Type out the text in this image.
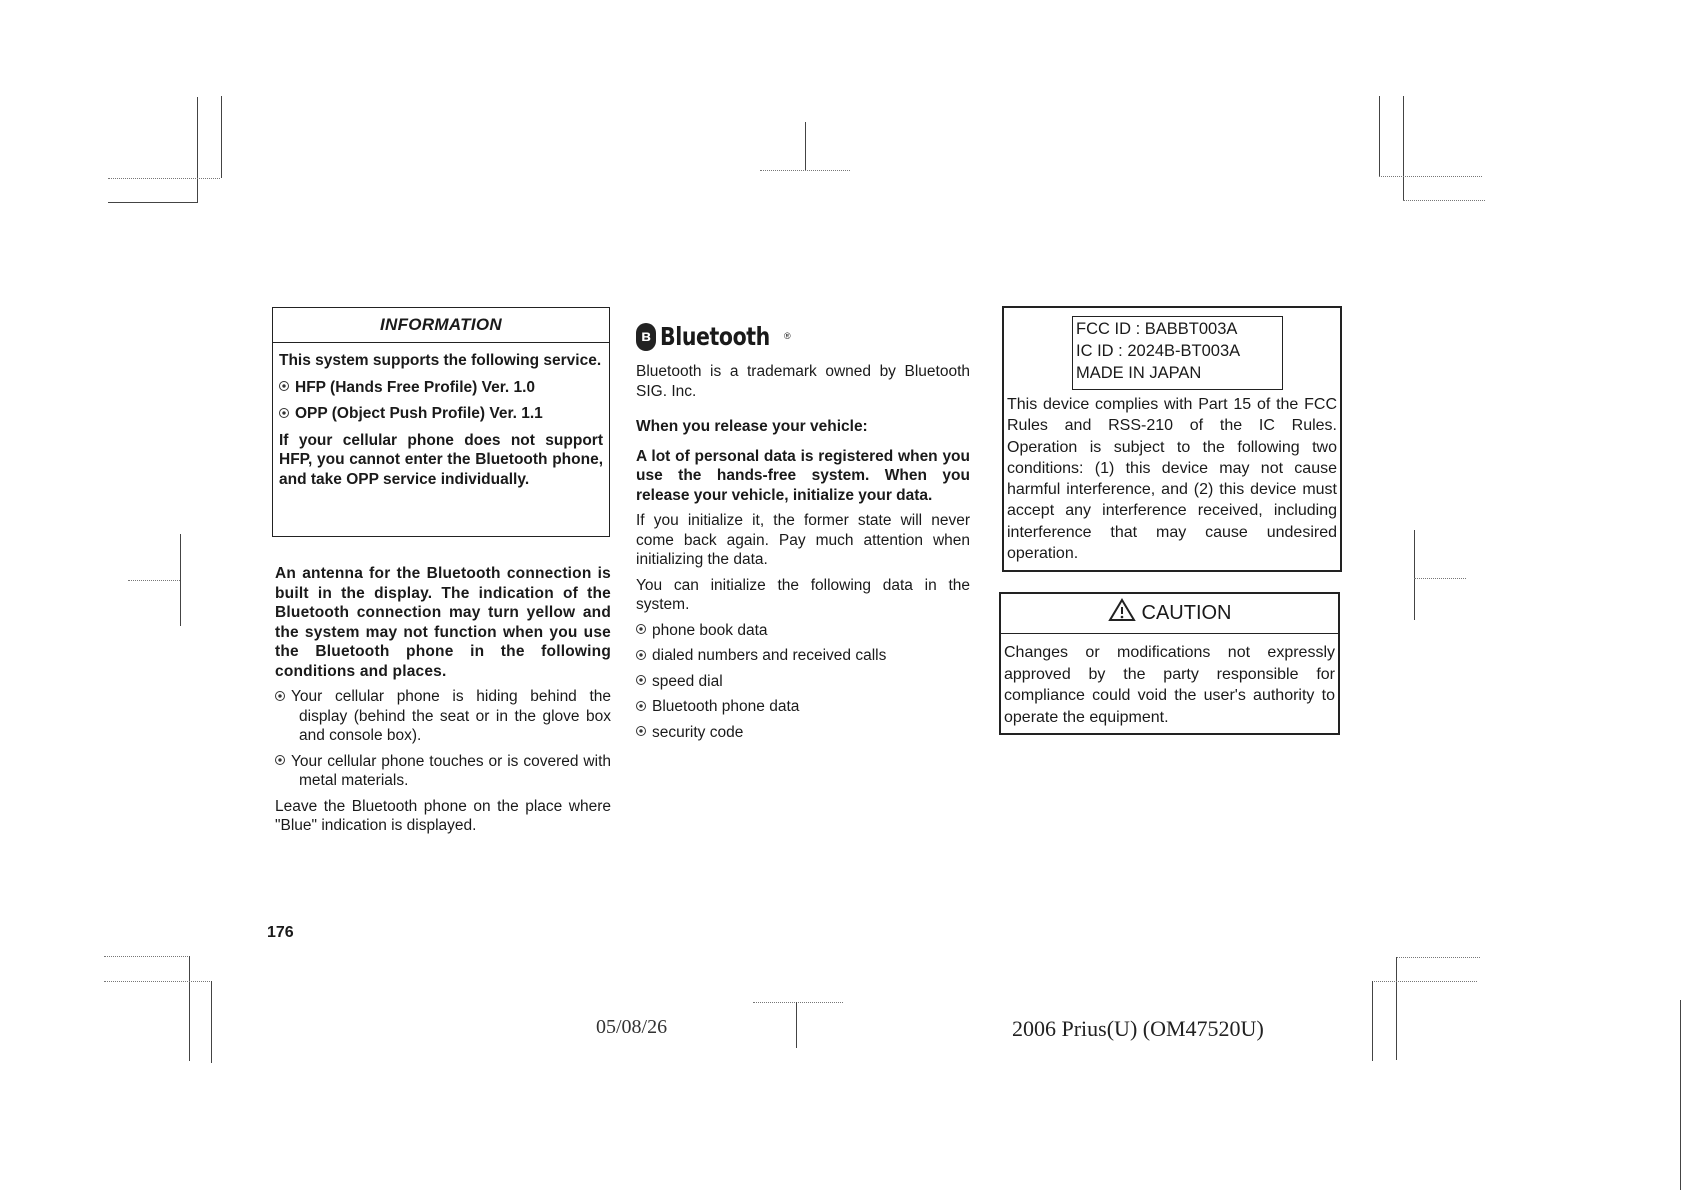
INFORMATION

This system supports the following service.

HFP (Hands Free Profile) Ver. 1.0

OPP (Object Push Profile) Ver. 1.1

If your cellular phone does not support HFP, you cannot enter the Bluetooth phone, and take OPP service individually.

An antenna for the Bluetooth connection is built in the display. The indication of the Bluetooth connection may turn yellow and the system may not function when you use the Bluetooth phone in the following conditions and places.

Your cellular phone is hiding behind the display (behind the seat or in the glove box and console box).

Your cellular phone touches or is covered with metal materials.

Leave the Bluetooth phone on the place where "Blue" indication is displayed.

ʙ Bluetooth ®

Bluetooth is a trademark owned by Bluetooth SIG. Inc.

When you release your vehicle:

A lot of personal data is registered when you use the hands-free system. When you release your vehicle, initialize your data.

If you initialize it, the former state will never come back again. Pay much attention when initializing the data.

You can initialize the following data in the system.

phone book data
dialed numbers and received calls
speed dial
Bluetooth phone data
security code
FCC ID : BABBT003A
IC ID : 2024B-BT003A
MADE IN JAPAN
This device complies with Part 15 of the FCC Rules and RSS-210 of the IC Rules. Operation is subject to the following two conditions: (1) this device may not cause harmful interference, and (2) this device must accept any interference received, including interference that may cause undesired operation.
CAUTION
Changes or modifications not expressly approved by the party responsible for compliance could void the user's authority to operate the equipment.
176
05/08/26	2006 Prius(U) (OM47520U)
